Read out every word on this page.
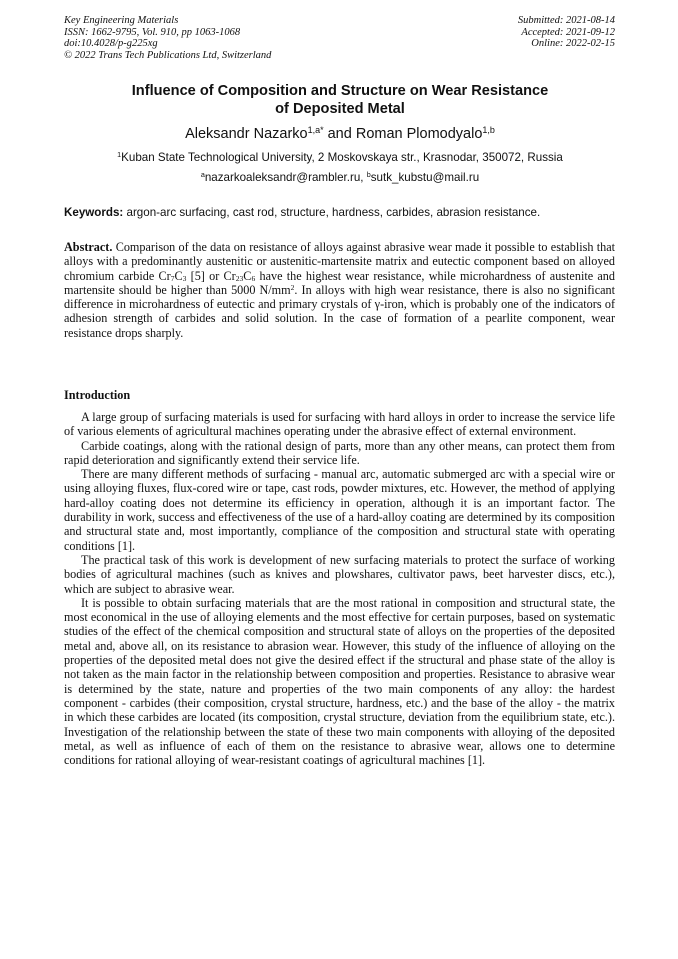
Key Engineering Materials
ISSN: 1662-9795, Vol. 910, pp 1063-1068
doi:10.4028/p-g225xg
© 2022 Trans Tech Publications Ltd, Switzerland
Submitted: 2021-08-14
Accepted: 2021-09-12
Online: 2022-02-15
Influence of Composition and Structure on Wear Resistance
of Deposited Metal
Aleksandr Nazarko$^{1,a*}$ and Roman Plomodyalo$^{1,b}$
$^1$Kuban State Technological University, 2 Moskovskaya str., Krasnodar, 350072, Russia
$^a$nazarkoaleksandr@rambler.ru, $^b$sutk_kubstu@mail.ru
Keywords: argon-arc surfacing, cast rod, structure, hardness, carbides, abrasion resistance.
Abstract. Comparison of the data on resistance of alloys against abrasive wear made it possible to establish that alloys with a predominantly austenitic or austenitic-martensite matrix and eutectic component based on alloyed chromium carbide $Cr_7C_3$ [5] or $Cr_{23}C_6$ have the highest wear resistance, while microhardness of austenite and martensite should be higher than 5000 $N/mm^2$. In alloys with high wear resistance, there is also no significant difference in microhardness of eutectic and primary crystals of γ-iron, which is probably one of the indicators of adhesion strength of carbides and solid solution. In the case of formation of a pearlite component, wear resistance drops sharply.
Introduction

A large group of surfacing materials is used for surfacing with hard alloys in order to increase the service life of various elements of agricultural machines operating under the abrasive effect of external environment.

Carbide coatings, along with the rational design of parts, more than any other means, can protect them from rapid deterioration and significantly extend their service life.

There are many different methods of surfacing - manual arc, automatic submerged arc with a special wire or using alloying fluxes, flux-cored wire or tape, cast rods, powder mixtures, etc. However, the method of applying hard-alloy coating does not determine its efficiency in operation, although it is an important factor. The durability in work, success and effectiveness of the use of a hard-alloy coating are determined by its composition and structural state and, most importantly, compliance of the composition and structural state with operating conditions [1].

The practical task of this work is development of new surfacing materials to protect the surface of working bodies of agricultural machines (such as knives and plowshares, cultivator paws, beet harvester discs, etc.), which are subject to abrasive wear.

It is possible to obtain surfacing materials that are the most rational in composition and structural state, the most economical in the use of alloying elements and the most effective for certain purposes, based on systematic studies of the effect of the chemical composition and structural state of alloys on the properties of the deposited metal and, above all, on its resistance to abrasion wear. However, this study of the influence of alloying on the properties of the deposited metal does not give the desired effect if the structural and phase state of the alloy is not taken as the main factor in the relationship between composition and properties. Resistance to abrasive wear is determined by the state, nature and properties of the two main components of any alloy: the hardest component - carbides (their composition, crystal structure, hardness, etc.) and the base of the alloy - the matrix in which these carbides are located (its composition, crystal structure, deviation from the equilibrium state, etc.). Investigation of the relationship between the state of these two main components with alloying of the deposited metal, as well as influence of each of them on the resistance to abrasive wear, allows one to determine conditions for rational alloying of wear-resistant coatings of agricultural machines [1].
